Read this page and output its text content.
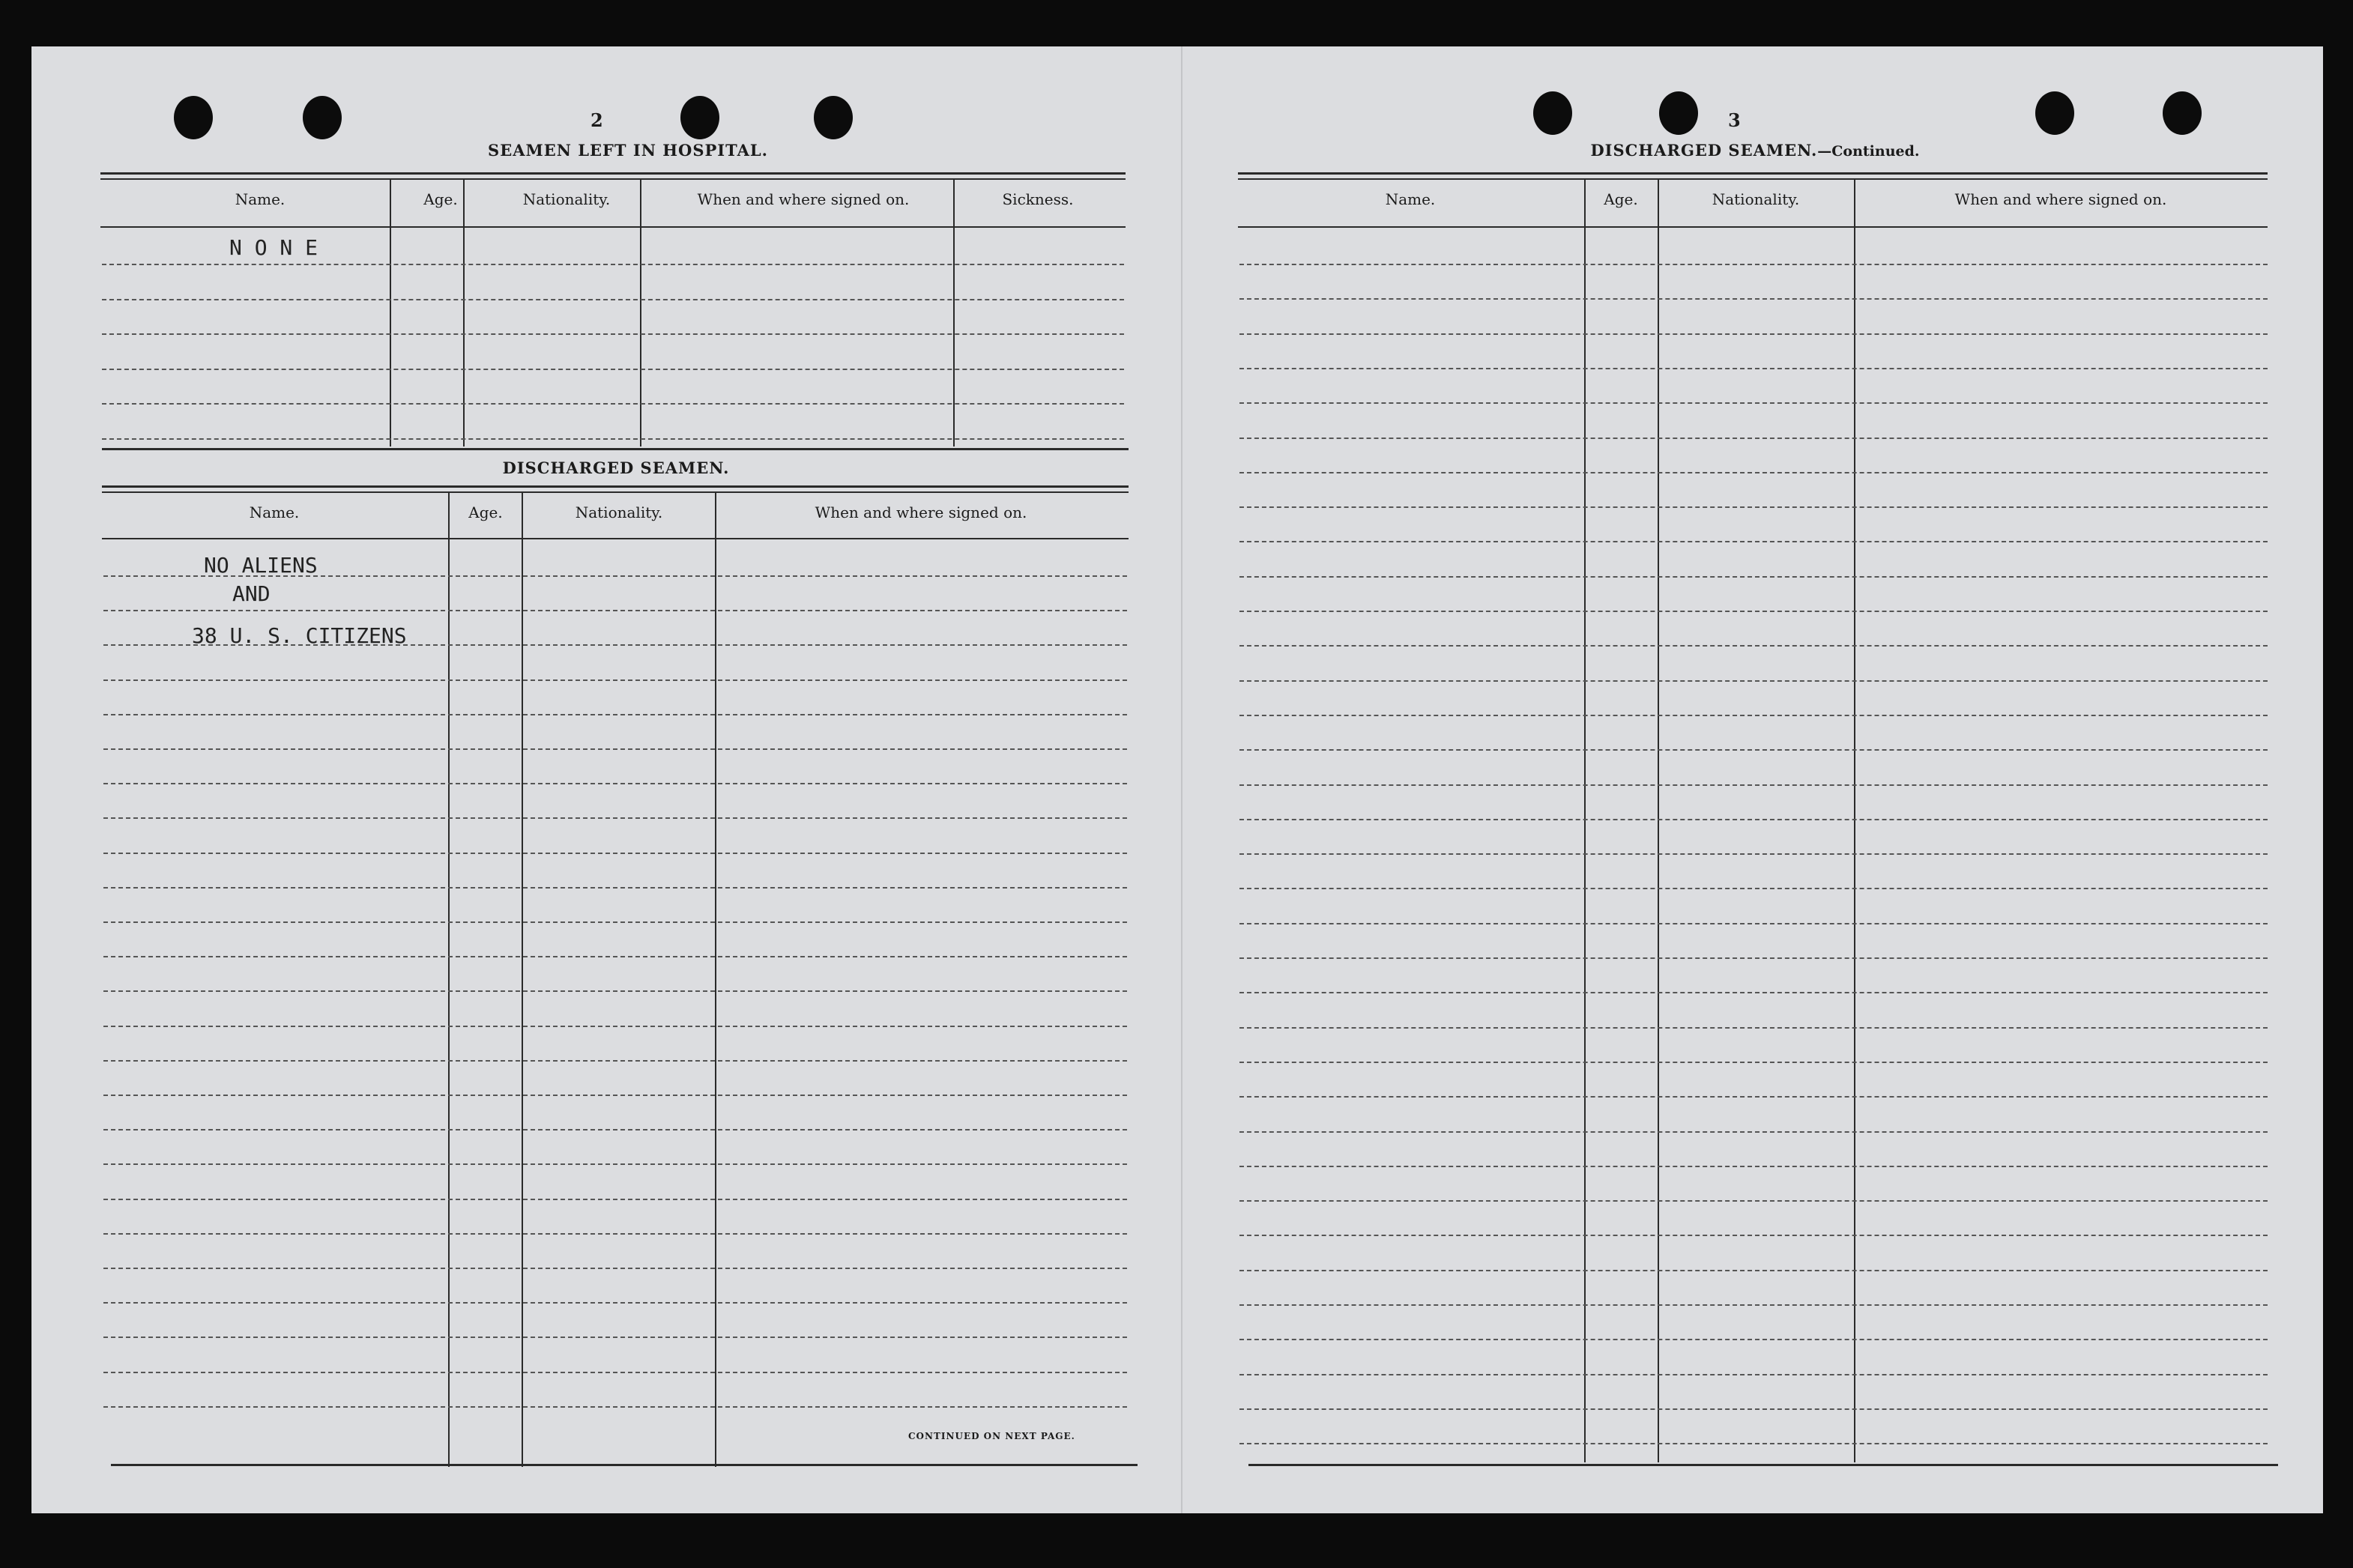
2
SEAMEN LEFT IN HOSPITAL.
Name.	Age.	Nationality.	When and where signed on.	Sickness.
N O N E
DISCHARGED SEAMEN.
Name.	Age.	Nationality.	When and where signed on.
NO ALIENS
AND
38 U. S. CITIZENS
CONTINUED ON NEXT PAGE.
3
DISCHARGED SEAMEN.—Continued.
Name.	Age.	Nationality.	When and where signed on.
